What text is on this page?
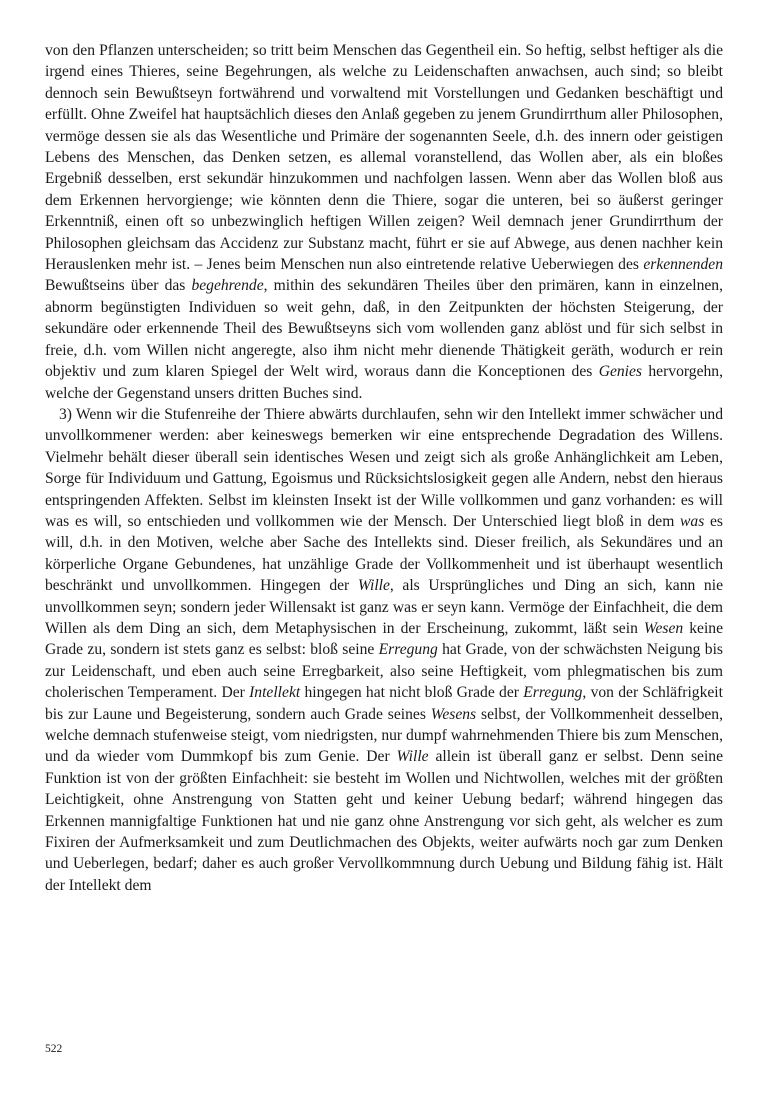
von den Pflanzen unterscheiden; so tritt beim Menschen das Gegentheil ein. So heftig, selbst heftiger als die irgend eines Thieres, seine Begehrungen, als welche zu Leidenschaften anwachsen, auch sind; so bleibt dennoch sein Bewußtseyn fortwährend und vorwaltend mit Vorstellungen und Gedanken beschäftigt und erfüllt. Ohne Zweifel hat hauptsächlich dieses den Anlaß gegeben zu jenem Grundirrthum aller Philosophen, vermöge dessen sie als das Wesentliche und Primäre der sogenannten Seele, d.h. des innern oder geistigen Lebens des Menschen, das Denken setzen, es allemal voranstellend, das Wollen aber, als ein bloßes Ergebniß desselben, erst sekundär hinzukommen und nachfolgen lassen. Wenn aber das Wollen bloß aus dem Erkennen hervorgienge; wie könnten denn die Thiere, sogar die unteren, bei so äußerst geringer Erkenntniß, einen oft so unbezwinglich heftigen Willen zeigen? Weil demnach jener Grundirrthum der Philosophen gleichsam das Accidenz zur Substanz macht, führt er sie auf Abwege, aus denen nachher kein Herauslenken mehr ist. – Jenes beim Menschen nun also eintretende relative Ueberwiegen des erkennenden Bewußtseins über das begehrende, mithin des sekundären Theiles über den primären, kann in einzelnen, abnorm begünstigten Individuen so weit gehn, daß, in den Zeitpunkten der höchsten Steigerung, der sekundäre oder erkennende Theil des Bewußtseyns sich vom wollenden ganz ablöst und für sich selbst in freie, d.h. vom Willen nicht angeregte, also ihm nicht mehr dienende Thätigkeit geräth, wodurch er rein objektiv und zum klaren Spiegel der Welt wird, woraus dann die Konceptionen des Genies hervorgehn, welche der Gegenstand unsers dritten Buches sind.

3) Wenn wir die Stufenreihe der Thiere abwärts durchlaufen, sehn wir den Intellekt immer schwächer und unvollkommener werden: aber keineswegs bemerken wir eine entsprechende Degradation des Willens. Vielmehr behält dieser überall sein identisches Wesen und zeigt sich als große Anhänglichkeit am Leben, Sorge für Individuum und Gattung, Egoismus und Rücksichtslosigkeit gegen alle Andern, nebst den hieraus entspringenden Affekten. Selbst im kleinsten Insekt ist der Wille vollkommen und ganz vorhanden: es will was es will, so entschieden und vollkommen wie der Mensch. Der Unterschied liegt bloß in dem was es will, d.h. in den Motiven, welche aber Sache des Intellekts sind. Dieser freilich, als Sekundäres und an körperliche Organe Gebundenes, hat unzählige Grade der Vollkommenheit und ist überhaupt wesentlich beschränkt und unvollkommen. Hingegen der Wille, als Ursprüngliches und Ding an sich, kann nie unvollkommen seyn; sondern jeder Willensakt ist ganz was er seyn kann. Vermöge der Einfachheit, die dem Willen als dem Ding an sich, dem Metaphysischen in der Erscheinung, zukommt, läßt sein Wesen keine Grade zu, sondern ist stets ganz es selbst: bloß seine Erregung hat Grade, von der schwächsten Neigung bis zur Leidenschaft, und eben auch seine Erregbarkeit, also seine Heftigkeit, vom phlegmatischen bis zum cholerischen Temperament. Der Intellekt hingegen hat nicht bloß Grade der Erregung, von der Schläfrigkeit bis zur Laune und Begeisterung, sondern auch Grade seines Wesens selbst, der Vollkommenheit desselben, welche demnach stufenweise steigt, vom niedrigsten, nur dumpf wahrnehmenden Thiere bis zum Menschen, und da wieder vom Dummkopf bis zum Genie. Der Wille allein ist überall ganz er selbst. Denn seine Funktion ist von der größten Einfachheit: sie besteht im Wollen und Nichtwollen, welches mit der größten Leichtigkeit, ohne Anstrengung von Statten geht und keiner Uebung bedarf; während hingegen das Erkennen mannigfaltige Funktionen hat und nie ganz ohne Anstrengung vor sich geht, als welcher es zum Fixiren der Aufmerksamkeit und zum Deutlichmachen des Objekts, weiter aufwärts noch gar zum Denken und Ueberlegen, bedarf; daher es auch großer Vervollkommnung durch Uebung und Bildung fähig ist. Hält der Intellekt dem

522
